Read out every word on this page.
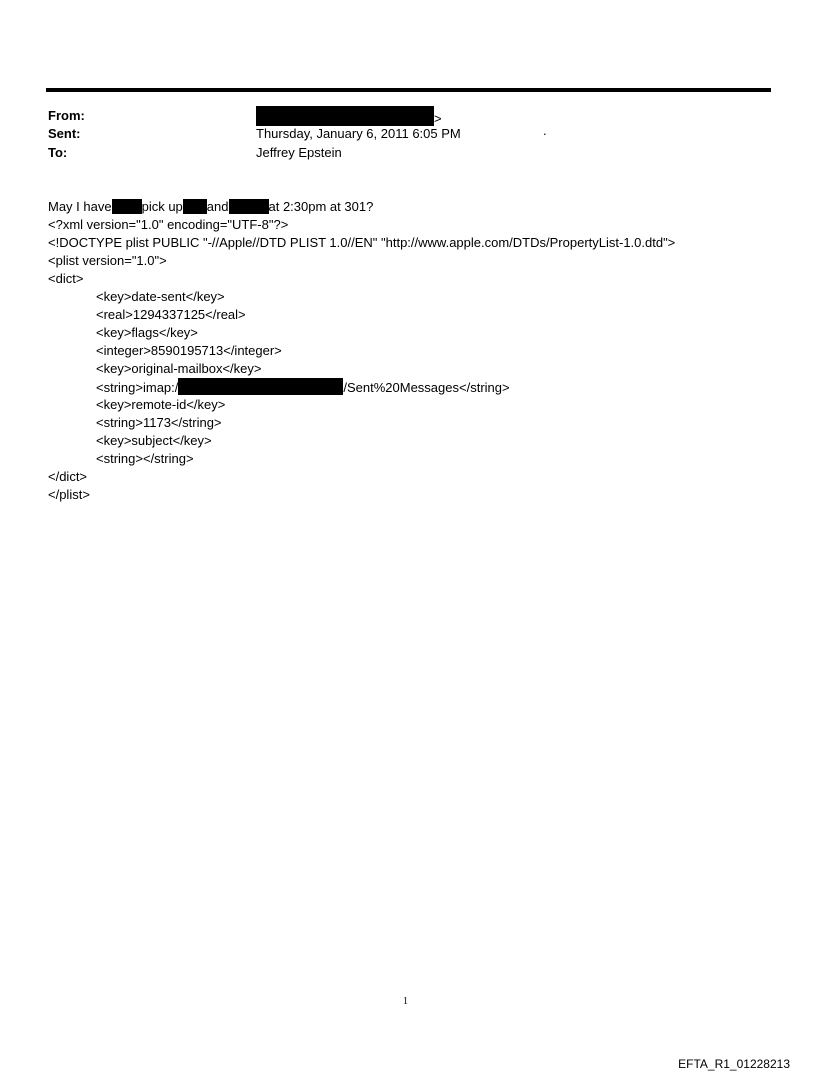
From:	>
Sent:	Thursday, January 6, 2011 6:05 PM	.
To:	Jeffrey Epstein
May I have pick up and	at 2:30pm at 301?
<?xml version="1.0" encoding="UTF-8"?>
<!DOCTYPE plist PUBLIC "-//Apple//DTD PLIST 1.0//EN" "http://www.apple.com/DTDs/PropertyList-1.0.dtd">
<plist version="1.0">
<dict>
<key>date-sent</key>
<real>1294337125</real>
<key>flags</key>
<integer>8590195713</integer>
<key>original-mailbox</key>
<string>imap:/	/Sent%20Messages</string>
<key>remote-id</key>
<string>1173</string>
<key>subject</key>
<string></string>
</dict>
</plist>
1
EFTA_R1_01228213
